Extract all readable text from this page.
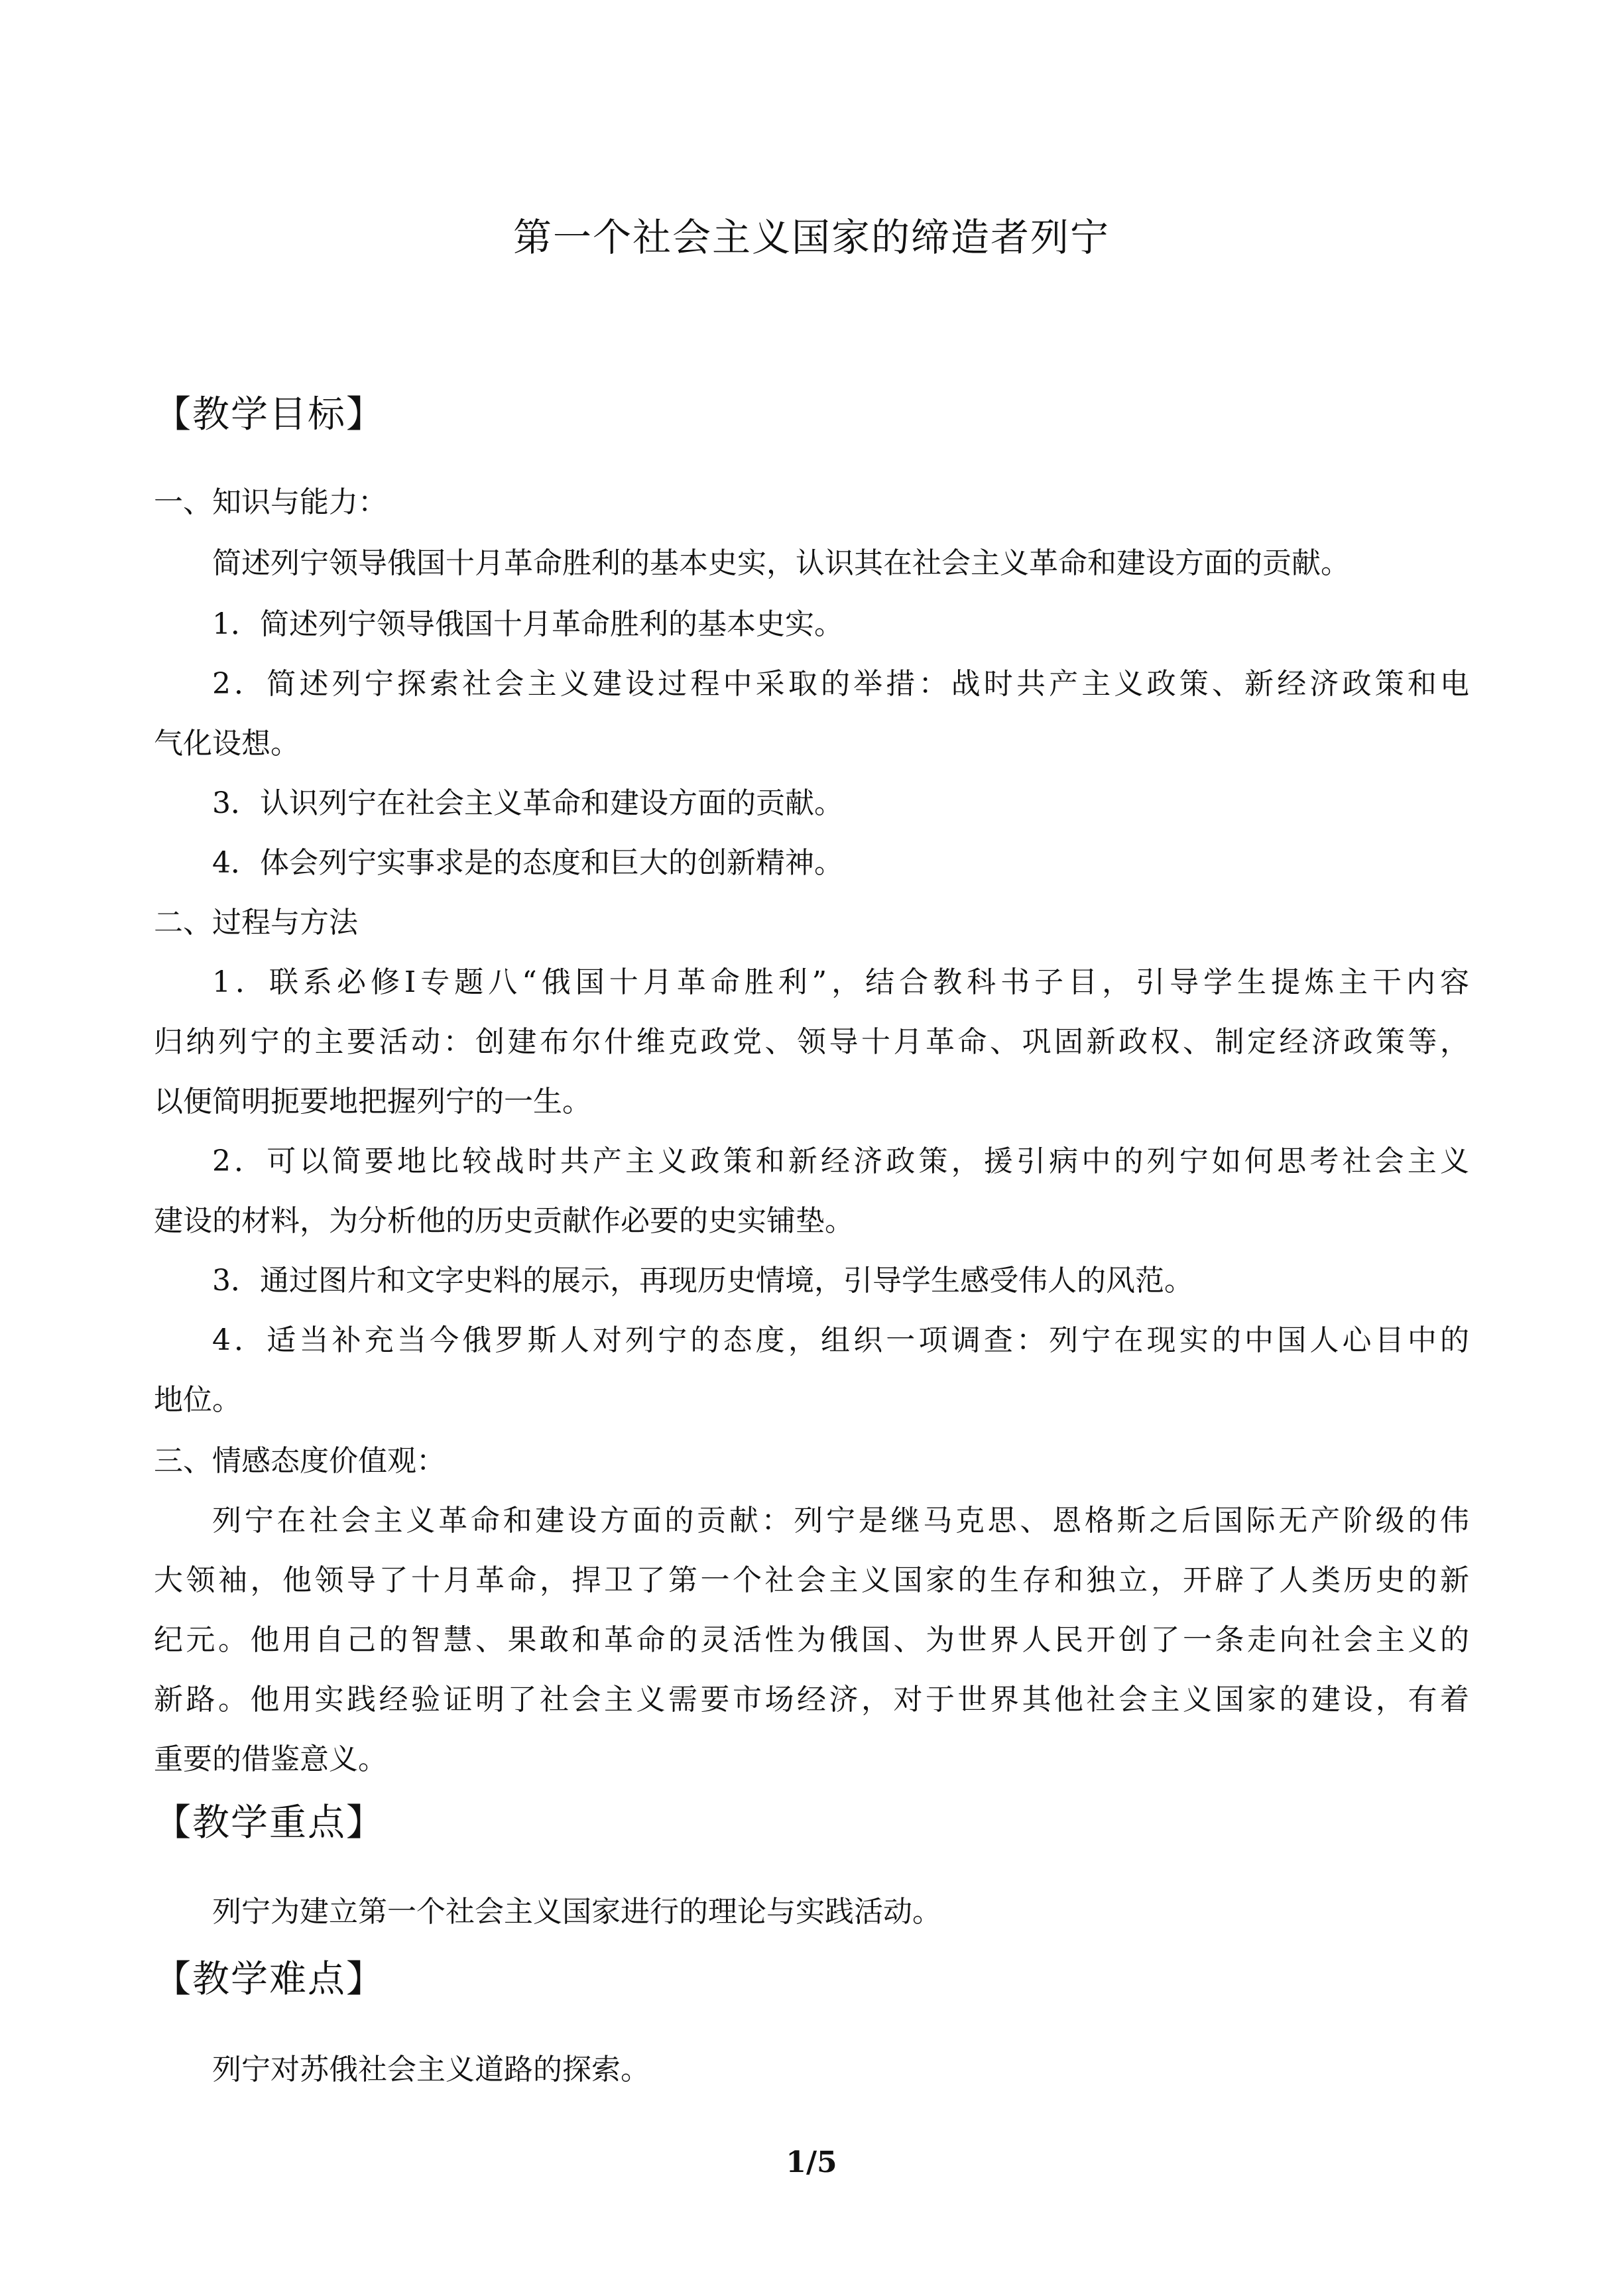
第一个社会主义国家的缔造者列宁
【教学目标】
一、知识与能力：
简述列宁领导俄国十月革命胜利的基本史实，认识其在社会主义革命和建设方面的贡献。
1．简述列宁领导俄国十月革命胜利的基本史实。
2．简述列宁探索社会主义建设过程中采取的举措：战时共产主义政策、新经济政策和电
气化设想。
3．认识列宁在社会主义革命和建设方面的贡献。
4．体会列宁实事求是的态度和巨大的创新精神。
二、过程与方法
1．联系必修Ⅰ专题八“俄国十月革命胜利”，结合教科书子目，引导学生提炼主干内容
归纳列宁的主要活动：创建布尔什维克政党、领导十月革命、巩固新政权、制定经济政策等，
以便简明扼要地把握列宁的一生。
2．可以简要地比较战时共产主义政策和新经济政策，援引病中的列宁如何思考社会主义
建设的材料，为分析他的历史贡献作必要的史实铺垫。
3．通过图片和文字史料的展示，再现历史情境，引导学生感受伟人的风范。
4．适当补充当今俄罗斯人对列宁的态度，组织一项调查：列宁在现实的中国人心目中的
地位。
三、情感态度价值观：
列宁在社会主义革命和建设方面的贡献：列宁是继马克思、恩格斯之后国际无产阶级的伟
大领袖，他领导了十月革命，捍卫了第一个社会主义国家的生存和独立，开辟了人类历史的新
纪元。他用自己的智慧、果敢和革命的灵活性为俄国、为世界人民开创了一条走向社会主义的
新路。他用实践经验证明了社会主义需要市场经济，对于世界其他社会主义国家的建设，有着
重要的借鉴意义。
【教学重点】
列宁为建立第一个社会主义国家进行的理论与实践活动。
【教学难点】
列宁对苏俄社会主义道路的探索。
1/5
